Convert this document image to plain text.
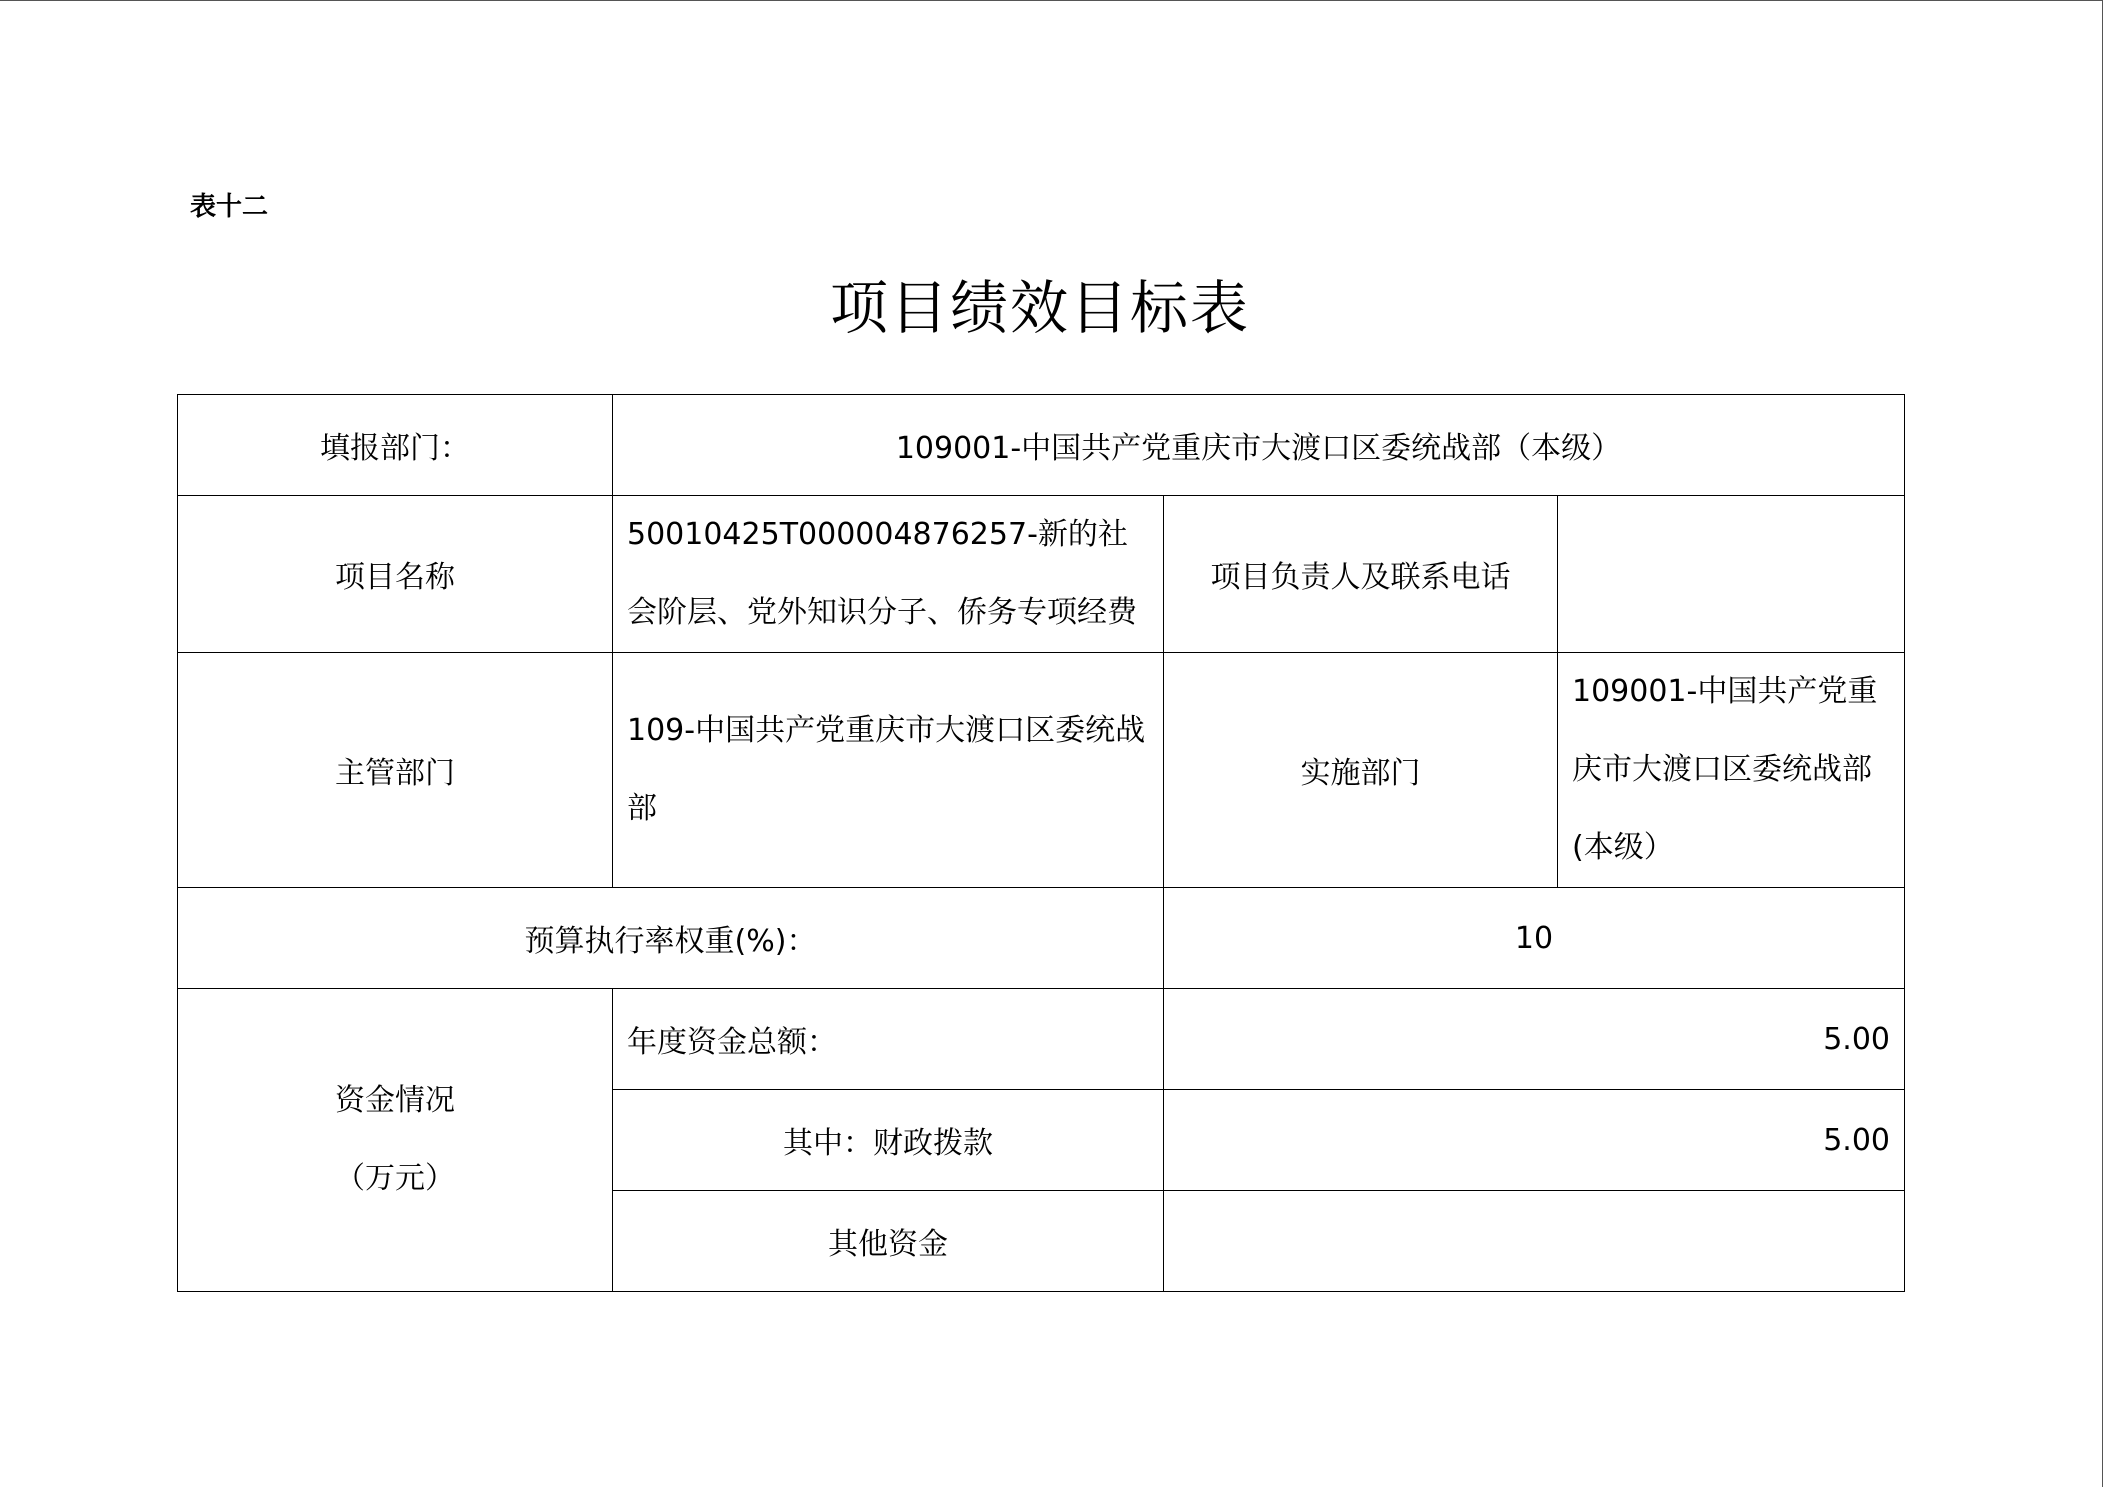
表十二

项目绩效目标表
填报部门：	109001-中国共产党重庆市大渡口区委统战部（本级）		
项目名称	50010425T000004876257-新的社会阶层、党外知识分子、侨务专项经费	项目负责人及联系电话	
主管部门	109-中国共产党重庆市大渡口区委统战部	实施部门	109001-中国共产党重庆市大渡口区委统战部(本级）
预算执行率权重(%)：		10	

资金情况
（万元）	年度资金总额：	5.00	
	其中：财政拨款	5.00	
	其他资金		
